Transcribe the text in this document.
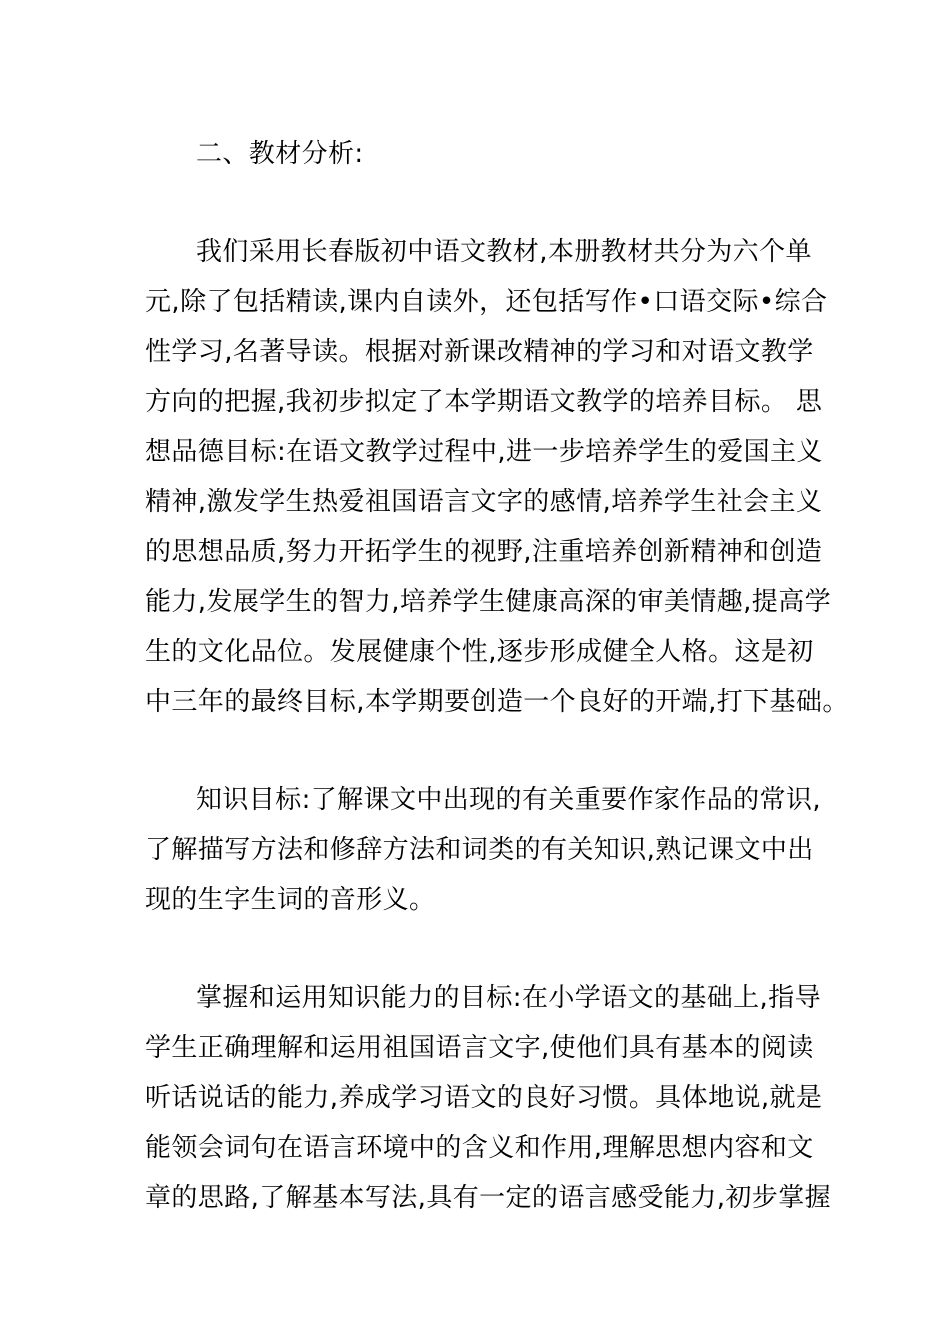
二、教材分析:
我们采用长春版初中语文教材,本册教材共分为六个单
元,除了包括精读,课内自读外，还包括写作•口语交际•综合
性学习,名著导读。根据对新课改精神的学习和对语文教学
方向的把握,我初步拟定了本学期语文教学的培养目标。 思
想品德目标:在语文教学过程中,进一步培养学生的爱国主义
精神,激发学生热爱祖国语言文字的感情,培养学生社会主义
的思想品质,努力开拓学生的视野,注重培养创新精神和创造
能力,发展学生的智力,培养学生健康高深的审美情趣,提高学
生的文化品位。发展健康个性,逐步形成健全人格。这是初
中三年的最终目标,本学期要创造一个良好的开端,打下基础。
知识目标:了解课文中出现的有关重要作家作品的常识,
了解描写方法和修辞方法和词类的有关知识,熟记课文中出
现的生字生词的音形义。
掌握和运用知识能力的目标:在小学语文的基础上,指导
学生正确理解和运用祖国语言文字,使他们具有基本的阅读
听话说话的能力,养成学习语文的良好习惯。具体地说,就是
能领会词句在语言环境中的含义和作用,理解思想内容和文
章的思路,了解基本写法,具有一定的语言感受能力,初步掌握
